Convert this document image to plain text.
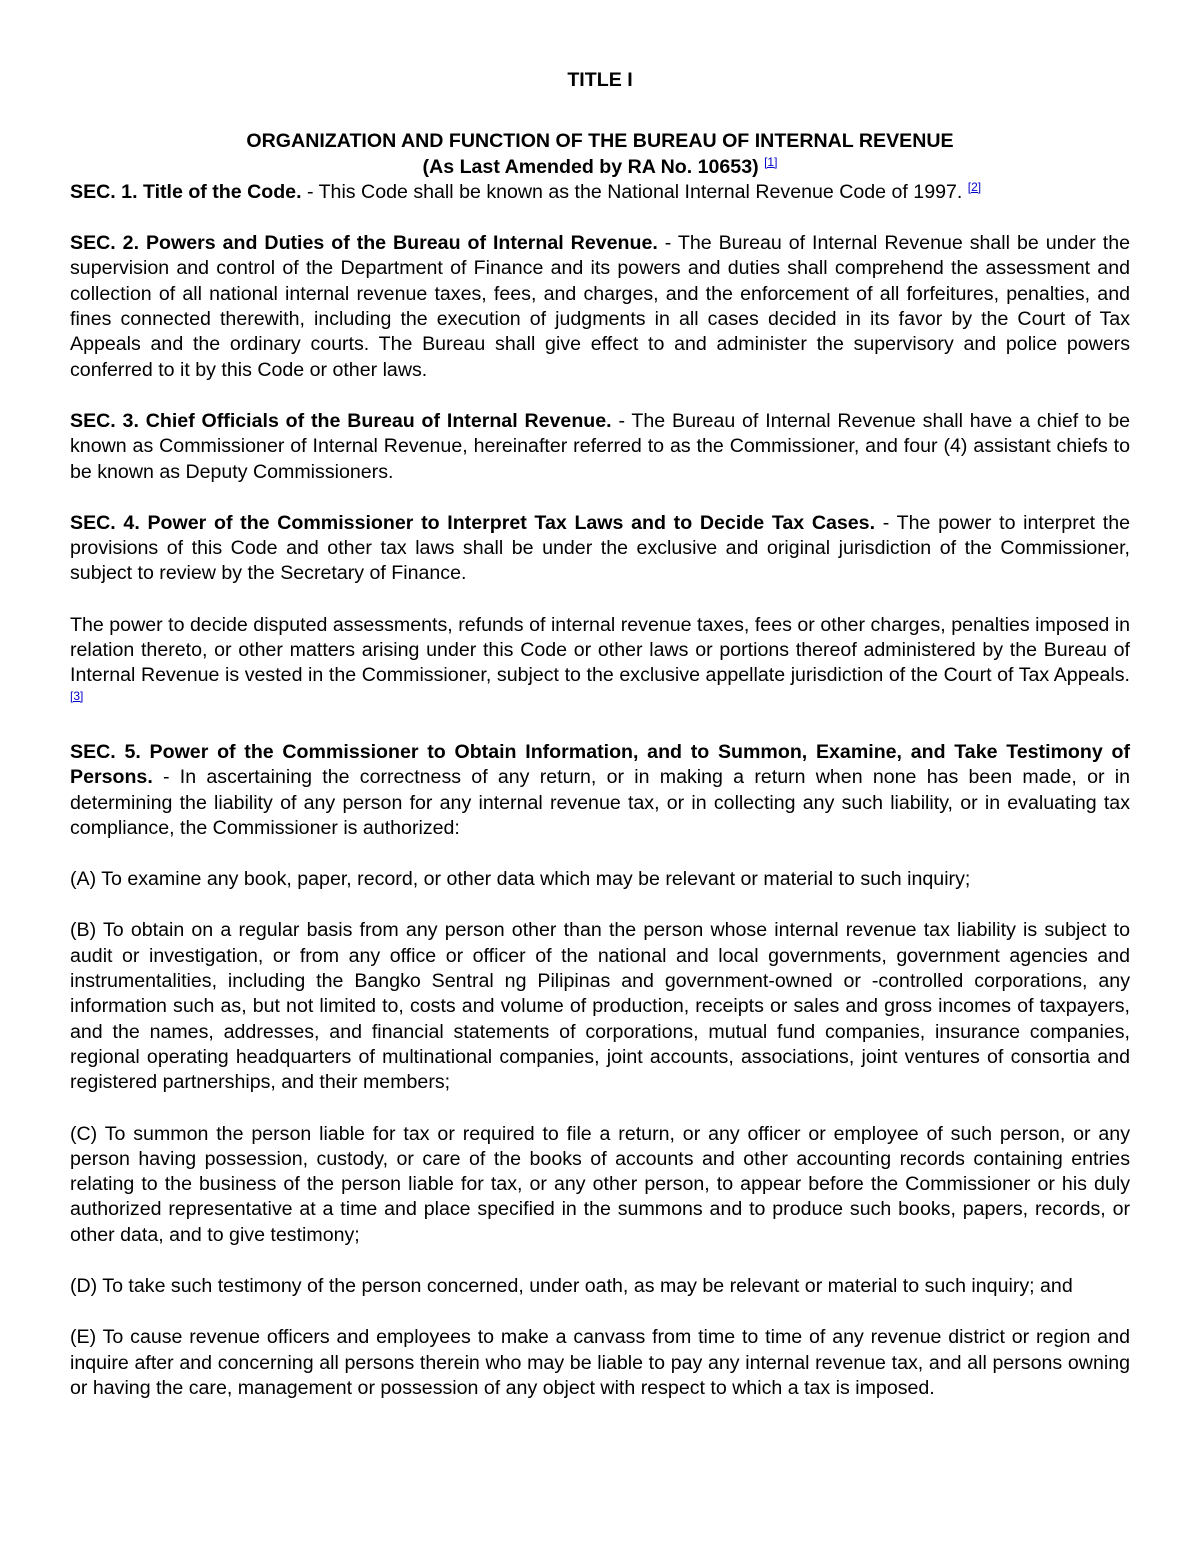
TITLE I

ORGANIZATION AND FUNCTION OF THE BUREAU OF INTERNAL REVENUE

(As Last Amended by RA No. 10653) [1]

SEC. 1. Title of the Code. - This Code shall be known as the National Internal Revenue Code of 1997. [2]

SEC. 2. Powers and Duties of the Bureau of Internal Revenue. - The Bureau of Internal Revenue shall be under the supervision and control of the Department of Finance and its powers and duties shall comprehend the assessment and collection of all national internal revenue taxes, fees, and charges, and the enforcement of all forfeitures, penalties, and fines connected therewith, including the execution of judgments in all cases decided in its favor by the Court of Tax Appeals and the ordinary courts. The Bureau shall give effect to and administer the supervisory and police powers conferred to it by this Code or other laws.

SEC. 3. Chief Officials of the Bureau of Internal Revenue. - The Bureau of Internal Revenue shall have a chief to be known as Commissioner of Internal Revenue, hereinafter referred to as the Commissioner, and four (4) assistant chiefs to be known as Deputy Commissioners.

SEC. 4. Power of the Commissioner to Interpret Tax Laws and to Decide Tax Cases. - The power to interpret the provisions of this Code and other tax laws shall be under the exclusive and original jurisdiction of the Commissioner, subject to review by the Secretary of Finance.

The power to decide disputed assessments, refunds of internal revenue taxes, fees or other charges, penalties imposed in relation thereto, or other matters arising under this Code or other laws or portions thereof administered by the Bureau of Internal Revenue is vested in the Commissioner, subject to the exclusive appellate jurisdiction of the Court of Tax Appeals. [3]

SEC. 5. Power of the Commissioner to Obtain Information, and to Summon, Examine, and Take Testimony of Persons. - In ascertaining the correctness of any return, or in making a return when none has been made, or in determining the liability of any person for any internal revenue tax, or in collecting any such liability, or in evaluating tax compliance, the Commissioner is authorized:

(A) To examine any book, paper, record, or other data which may be relevant or material to such inquiry;

(B) To obtain on a regular basis from any person other than the person whose internal revenue tax liability is subject to audit or investigation, or from any office or officer of the national and local governments, government agencies and instrumentalities, including the Bangko Sentral ng Pilipinas and government-owned or -controlled corporations, any information such as, but not limited to, costs and volume of production, receipts or sales and gross incomes of taxpayers, and the names, addresses, and financial statements of corporations, mutual fund companies, insurance companies, regional operating headquarters of multinational companies, joint accounts, associations, joint ventures of consortia and registered partnerships, and their members;

(C) To summon the person liable for tax or required to file a return, or any officer or employee of such person, or any person having possession, custody, or care of the books of accounts and other accounting records containing entries relating to the business of the person liable for tax, or any other person, to appear before the Commissioner or his duly authorized representative at a time and place specified in the summons and to produce such books, papers, records, or other data, and to give testimony;

(D) To take such testimony of the person concerned, under oath, as may be relevant or material to such inquiry; and

(E) To cause revenue officers and employees to make a canvass from time to time of any revenue district or region and inquire after and concerning all persons therein who may be liable to pay any internal revenue tax, and all persons owning or having the care, management or possession of any object with respect to which a tax is imposed.
